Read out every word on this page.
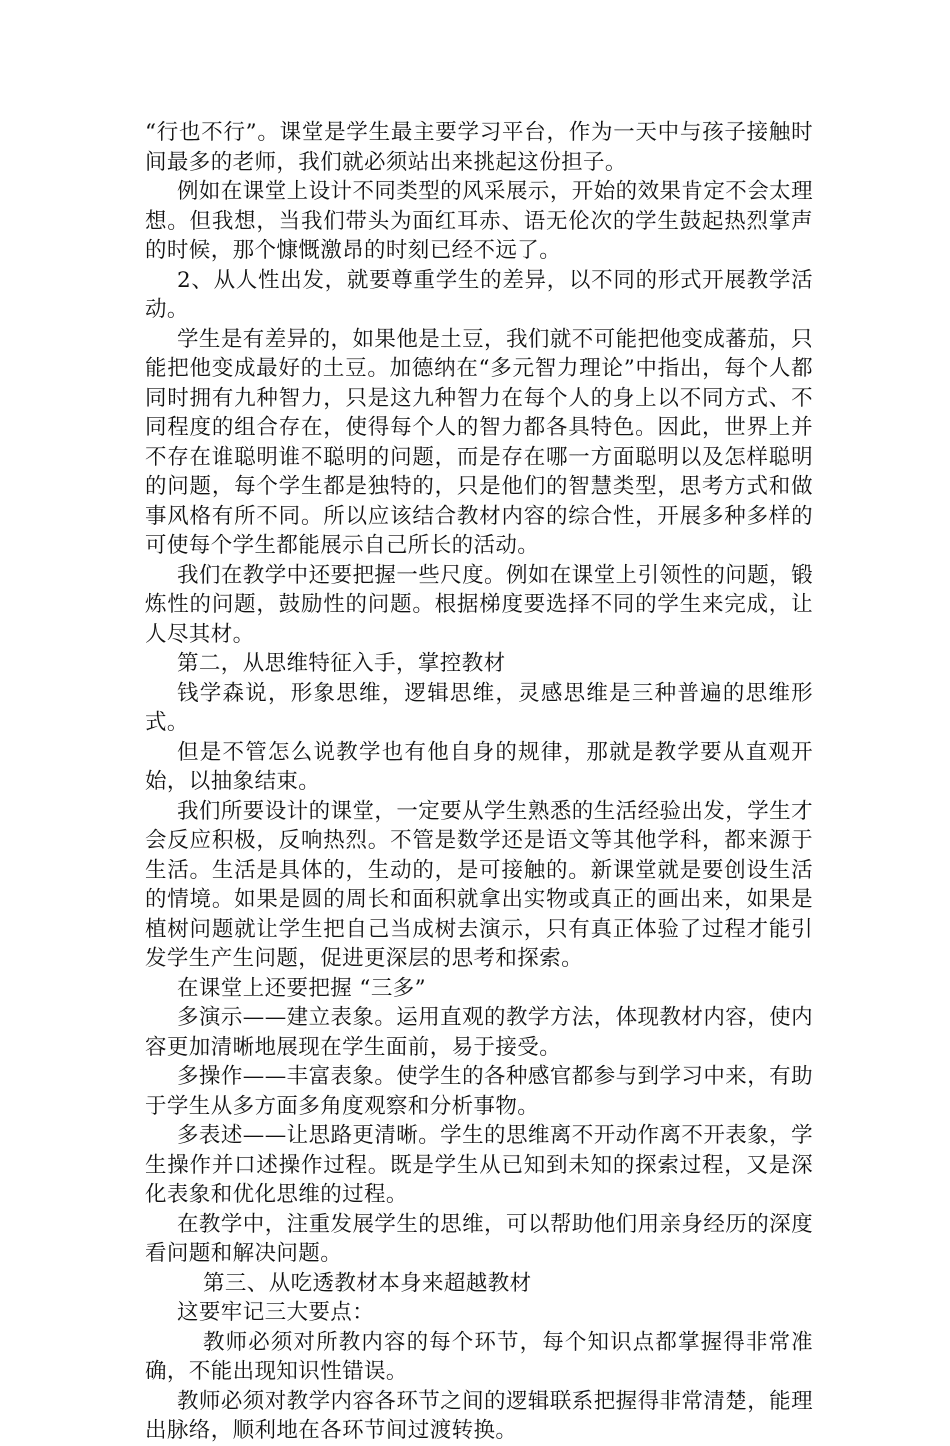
“行也不行”。课堂是学生最主要学习平台，作为一天中与孩子接触时间最多的老师，我们就必须站出来挑起这份担子。

例如在课堂上设计不同类型的风采展示，开始的效果肯定不会太理想。但我想，当我们带头为面红耳赤、语无伦次的学生鼓起热烈掌声的时候，那个慷慨激昂的时刻已经不远了。

2、从人性出发，就要尊重学生的差异，以不同的形式开展教学活动。

学生是有差异的，如果他是土豆，我们就不可能把他变成蕃茄，只能把他变成最好的土豆。加德纳在“多元智力理论”中指出，每个人都同时拥有九种智力，只是这九种智力在每个人的身上以不同方式、不同程度的组合存在，使得每个人的智力都各具特色。因此，世界上并不存在谁聪明谁不聪明的问题，而是存在哪一方面聪明以及怎样聪明的问题，每个学生都是独特的，只是他们的智慧类型，思考方式和做事风格有所不同。所以应该结合教材内容的综合性，开展多种多样的可使每个学生都能展示自己所长的活动。

我们在教学中还要把握一些尺度。例如在课堂上引领性的问题，锻炼性的问题，鼓励性的问题。根据梯度要选择不同的学生来完成，让人尽其材。

第二，从思维特征入手，掌控教材

钱学森说，形象思维，逻辑思维，灵感思维是三种普遍的思维形式。

但是不管怎么说教学也有他自身的规律，那就是教学要从直观开始，以抽象结束。

我们所要设计的课堂，一定要从学生熟悉的生活经验出发，学生才会反应积极，反响热烈。不管是数学还是语文等其他学科，都来源于生活。生活是具体的，生动的，是可接触的。新课堂就是要创设生活的情境。如果是圆的周长和面积就拿出实物或真正的画出来，如果是植树问题就让学生把自己当成树去演示，只有真正体验了过程才能引发学生产生问题，促进更深层的思考和探索。

在课堂上还要把握 “三多”

多演示——建立表象。运用直观的教学方法，体现教材内容，使内容更加清晰地展现在学生面前，易于接受。

多操作——丰富表象。使学生的各种感官都参与到学习中来，有助于学生从多方面多角度观察和分析事物。

多表述——让思路更清晰。学生的思维离不开动作离不开表象，学生操作并口述操作过程。既是学生从已知到未知的探索过程，又是深化表象和优化思维的过程。

在教学中，注重发展学生的思维，可以帮助他们用亲身经历的深度看问题和解决问题。

第三、从吃透教材本身来超越教材

这要牢记三大要点：

教师必须对所教内容的每个环节，每个知识点都掌握得非常准确，不能出现知识性错误。

教师必须对教学内容各环节之间的逻辑联系把握得非常清楚，能理出脉络，顺利地在各环节间过渡转换。
